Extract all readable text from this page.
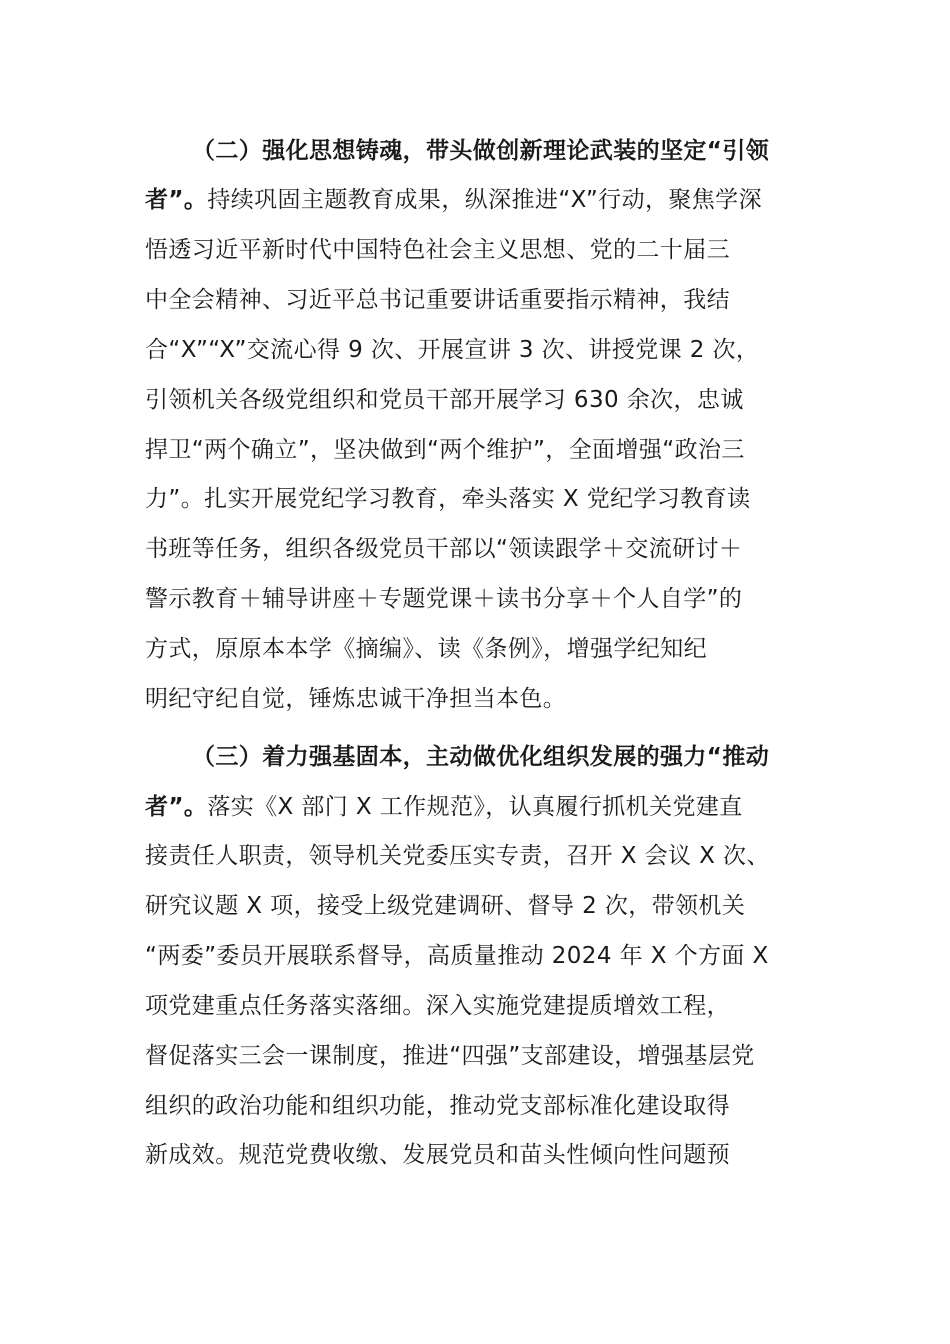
（二）强化思想铸魂，带头做创新理论武装的坚定“引领
者”。持续巩固主题教育成果，纵深推进“X”行动，聚焦学深
悟透习近平新时代中国特色社会主义思想、党的二十届三
中全会精神、习近平总书记重要讲话重要指示精神，我结
合“X”“X”交流心得 9 次、开展宣讲 3 次、讲授党课 2 次，
引领机关各级党组织和党员干部开展学习 630 余次，忠诚
捍卫“两个确立”，坚决做到“两个维护”，全面增强“政治三
力”。扎实开展党纪学习教育，牵头落实 X 党纪学习教育读
书班等任务，组织各级党员干部以“领读跟学＋交流研讨＋
警示教育＋辅导讲座＋专题党课＋读书分享＋个人自学”的
方式，原原本本学《摘编》、读《条例》，增强学纪知纪
明纪守纪自觉，锤炼忠诚干净担当本色。
（三）着力强基固本，主动做优化组织发展的强力“推动
者”。落实《X 部门 X 工作规范》，认真履行抓机关党建直
接责任人职责，领导机关党委压实专责，召开 X 会议 X 次、
研究议题 X 项，接受上级党建调研、督导 2 次，带领机关
“两委”委员开展联系督导，高质量推动 2024 年 X 个方面 X
项党建重点任务落实落细。深入实施党建提质增效工程，
督促落实三会一课制度，推进“四强”支部建设，增强基层党
组织的政治功能和组织功能，推动党支部标准化建设取得
新成效。规范党费收缴、发展党员和苗头性倾向性问题预
